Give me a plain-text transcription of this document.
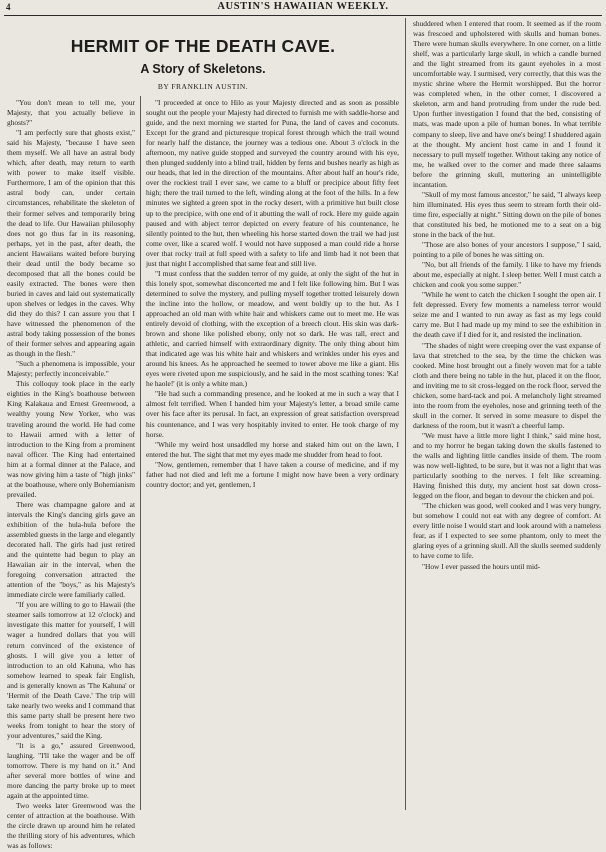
4	AUSTIN'S HAWAIIAN WEEKLY.
HERMIT OF THE DEATH CAVE.
A Story of Skeletons.
BY FRANKLIN AUSTIN.

"You don't mean to tell me, your Majesty, that you actually believe in ghosts?"

"I am perfectly sure that ghosts exist," said his Majesty, "because I have seen them myself. We all have an astral body which, after death, may return to earth with power to make itself visible. Furthermore, I am of the opinion that this astral body can, under certain circumstances, rehabilitate the skeleton of their former selves and temporarily bring the dead to life. Our Hawaiian philosophy does not go thus far in its reasoning, perhaps, yet in the past, after death, the ancient Hawaiians waited before burying their dead until the body became so decomposed that all the bones could be easily extracted. The bones were then buried in caves and laid out systematically upon shelves or ledges in the caves. Why did they do this? I can assure you that I have witnessed the phenomenon of the astral body taking possession of the bones of their former selves and appearing again as though in the flesh."

"Such a phenomena is impossible, your Majesty; perfectly inconceivable."

This colloquy took place in the early eighties in the King's boathouse between King Kalakaua and Ernest Greenwood, a wealthy young New Yorker, who was traveling around the world. He had come to Hawaii armed with a letter of introduction to the King from a prominent naval officer. The King had entertained him at a formal dinner at the Palace, and was now giving him a taste of "high jinks" at the boathouse, where only Bohemianism prevailed.

There was champagne galore and at intervals the King's dancing girls gave an exhibition of the hula-hula before the assembled guests in the large and elegantly decorated hall. The girls had just retired and the quintette had begun to play an Hawaiian air in the interval, when the foregoing conversation attracted the attention of the "boys," as his Majesty's immediate circle were familiarly called.

"If you are willing to go to Hawaii (the steamer sails tomorrow at 12 o'clock) and investigate this matter for yourself, I will wager a hundred dollars that you will return convinced of the existence of ghosts. I will give you a letter of introduction to an old Kahuna, who has somehow learned to speak fair English, and is generally known as 'The Kahuna' or 'Hermit of the Death Cave.' The trip will take nearly two weeks and I command that this same party shall be present here two weeks from tonight to hear the story of your adventures," said the King.

"It is a go," assured Greenwood, laughing. "I'll take the wager and be off tomorrow. There is my hand on it." And after several more bottles of wine and more dancing the party broke up to meet again at the appointed time.

Two weeks later Greenwood was the center of attraction at the boathouse. With the circle drawn up around him he related the thrilling story of his adventures, which was as follows:

"I proceeded at once to Hilo as your Majesty directed and as soon as possible sought out the people your Majesty had directed to furnish me with saddle-horse and guide, and the next morning we started for Puna, the land of caves and coconuts. Except for the grand and picturesque tropical forest through which the trail wound for nearly half the distance, the journey was a tedious one. About 3 o'clock in the afternoon, my native guide stopped and surveyed the country around with his eye, then plunged suddenly into a blind trail, hidden by ferns and bushes nearly as high as our heads, that led in the direction of the mountains. After about half an hour's ride, over the rockiest trail I ever saw, we came to a bluff or precipice about fifty feet high; there the trail turned to the left, winding along at the foot of the hills. In a few minutes we sighted a green spot in the rocky desert, with a primitive hut built close up to the precipice, with one end of it abutting the wall of rock. Here my guide again paused and with abject terror depicted on every feature of his countenance, he silently pointed to the hut, then wheeling his horse started down the trail we had just come over, like a scared wolf. I would not have supposed a man could ride a horse over that rocky trail at full speed with a safety to life and limb had it not been that just that night I accomplished that same feat and still live.

"I must confess that the sudden terror of my guide, at only the sight of the hut in this lonely spot, somewhat disconcerted me and I felt like following him. But I was determined to solve the mystery, and pulling myself together trotted leisurely down the incline into the hollow, or meadow, and went boldly up to the hut. As I approached an old man with white hair and whiskers came out to meet me. He was entirely devoid of clothing, with the exception of a breech clout. His skin was dark-brown and shone like polished ebony, only not so dark. He was tall, erect and athletic, and carried himself with extraordinary dignity. The only thing about him that indicated age was his white hair and whiskers and wrinkles under his eyes and around his knees. As he approached he seemed to tower above me like a giant. His eyes were riveted upon me suspiciously, and he said in the most scathing tones: 'Ka! he haole!' (it is only a white man.)

"He had such a commanding presence, and he looked at me in such a way that I almost felt terrified. When I handed him your Majesty's letter, a broad smile came over his face after its perusal. In fact, an expression of great satisfaction overspread his countenance, and I was very hospitably invited to enter. He took charge of my horse.

"While my weird host unsaddled my horse and staked him out on the lawn, I entered the hut. The sight that met my eyes made me shudder from head to foot.

"Now, gentlemen, remember that I have taken a course of medicine, and if my father had not died and left me a fortune I might now have been a very ordinary country doctor; and yet, gentlemen, I

shuddered when I entered that room. It seemed as if the room was frescoed and upholstered with skulls and human bones. There were human skulls everywhere. In one corner, on a little shelf, was a particularly large skull, in which a candle burned and the light streamed from its gaunt eyeholes in a most uncomfortable way. I surmised, very correctly, that this was the mystic shrine where the Hermit worshipped. But the horror was completed when, in the other corner, I discovered a skeleton, arm and hand protruding from under the rude bed. Upon further investigation I found that the bed, consisting of mats, was made upon a pile of human bones. In what terrible company to sleep, live and have one's being! I shuddered again at the thought. My ancient host came in and I found it necessary to pull myself together. Without taking any notice of me, he walked over to the corner and made three salaams before the grinning skull, muttering an unintelligible incantation.

"Skull of my most famous ancestor," he said, "I always keep him illuminated. His eyes thus seem to stream forth their old-time fire, especially at night." Sitting down on the pile of bones that constituted his bed, he motioned me to a seat on a big stone in the back of the hut.

"Those are also bones of your ancestors I suppose," I said, pointing to a pile of bones he was sitting on.

"No, but all friends of the family. I like to have my friends about me, especially at night. I sleep better. Well I must catch a chicken and cook you some supper."

"While he went to catch the chicken I sought the open air. I felt depressed. Every few moments a nameless terror would seize me and I wanted to run away as fast as my legs could carry me. But I had made up my mind to see the exhibition in the death cave if I died for it, and resisted the inclination.

"The shades of night were creeping over the vast expanse of lava that stretched to the sea, by the time the chicken was cooked. Mine host brought out a finely woven mat for a table cloth and there being no table in the hut, placed it on the floor, and inviting me to sit cross-legged on the rock floor, served the chicken, some hard-tack and poi. A melancholy light streamed into the room from the eyeholes, nose and grinning teeth of the skull in the corner. It served in some measure to dispel the darkness of the room, but it wasn't a cheerful lamp.

"We must have a little more light I think," said mine host, and to my horror he began taking down the skulls fastened to the walls and lighting little candles inside of them. The room was now well-lighted, to be sure, but it was not a light that was particularly soothing to the nerves. I felt like screaming. Having finished this duty, my ancient host sat down cross-legged on the floor, and began to devour the chicken and poi.

"The chicken was good, well cooked and I was very hungry, but somehow I could not eat with any degree of comfort. At every little noise I would start and look around with a nameless fear, as if I expected to see some phantom, only to meet the glaring eyes of a grinning skull. All the skulls seemed suddenly to have come to life.

"How I ever passed the hours until mid-
